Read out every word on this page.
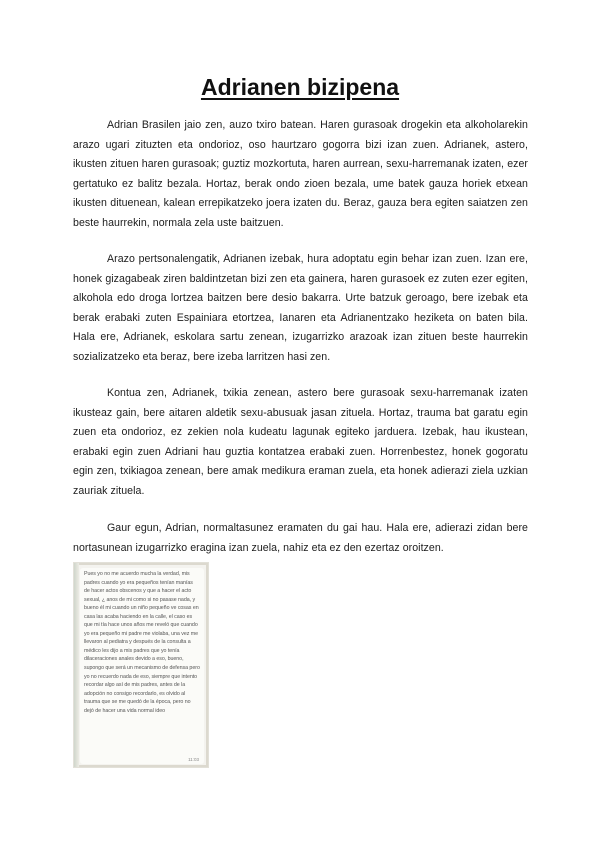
Adrianen bizipena

Adrian Brasilen jaio zen, auzo txiro batean. Haren gurasoak drogekin eta alkoholarekin arazo ugari zituzten eta ondorioz, oso haurtzaro gogorra bizi izan zuen. Adrianek, astero, ikusten zituen haren gurasoak; guztiz mozkortuta, haren aurrean, sexu-harremanak izaten, ezer gertatuko ez balitz bezala. Hortaz, berak ondo zioen bezala, ume batek gauza horiek etxean ikusten dituenean, kalean errepikatzeko joera izaten du. Beraz, gauza bera egiten saiatzen zen beste haurrekin, normala zela uste baitzuen.

Arazo pertsonalengatik, Adrianen izebak, hura adoptatu egin behar izan zuen. Izan ere, honek gizagabeak ziren baldintzetan bizi zen eta gainera, haren gurasoek ez zuten ezer egiten, alkohola edo droga lortzea baitzen bere desio bakarra. Urte batzuk geroago, bere izebak eta berak erabaki zuten Espainiara etortzea, Ianaren eta Adrianentzako heziketa on baten bila. Hala ere, Adrianek, eskolara sartu zenean, izugarrizko arazoak izan zituen beste haurrekin sozializatzeko eta beraz, bere izeba larritzen hasi zen.

Kontua zen, Adrianek, txikia zenean, astero bere gurasoak sexu-harremanak izaten ikusteaz gain, bere aitaren aldetik sexu-abusuak jasan zituela. Hortaz, trauma bat garatu egin zuen eta ondorioz, ez zekien nola kudeatu lagunak egiteko jarduera. Izebak, hau ikustean, erabaki egin zuen Adriani hau guztia kontatzea erabaki zuen. Horrenbestez, honek gogoratu egin zen, txikiagoa zenean, bere amak medikura eraman zuela, eta honek adierazi ziela uzkian zauriak zituela.

Gaur egun, Adrian, normaltasunez eramaten du gai hau. Hala ere, adierazi zidan bere nortasunean izugarrizko eragina izan zuela, nahiz eta ez den ezertaz oroitzen.

Pues yo no me acuerdo mucha la verdad, mis padres cuando yo era pequeños tenían manías de hacer actos obscenos y que a hacer el acto sexual, ¿ anos de mi como si no pasase nada, y bueno él mi cuando un niño pequeño ve cosas en casa las acaba haciendo en la calle, el caso es que mi tía hace unos años me reveló que cuando yo era pequeño mi padre me violaba, una vez me llevaron al pediatra y después de la consulta a médico les dijo a mis padres que yo tenía dilaceraciones anales devido a eso, bueno, supongo que será un mecanismo de defensa pero yo no recuerdo nada de eso, siempre que intento recordar algo así de mis padres, antes de la adopción no consigo recordarlo, es olvido al trauma que se me quedó de la época, pero no dejó de hacer una vida normal ideo
11:03
